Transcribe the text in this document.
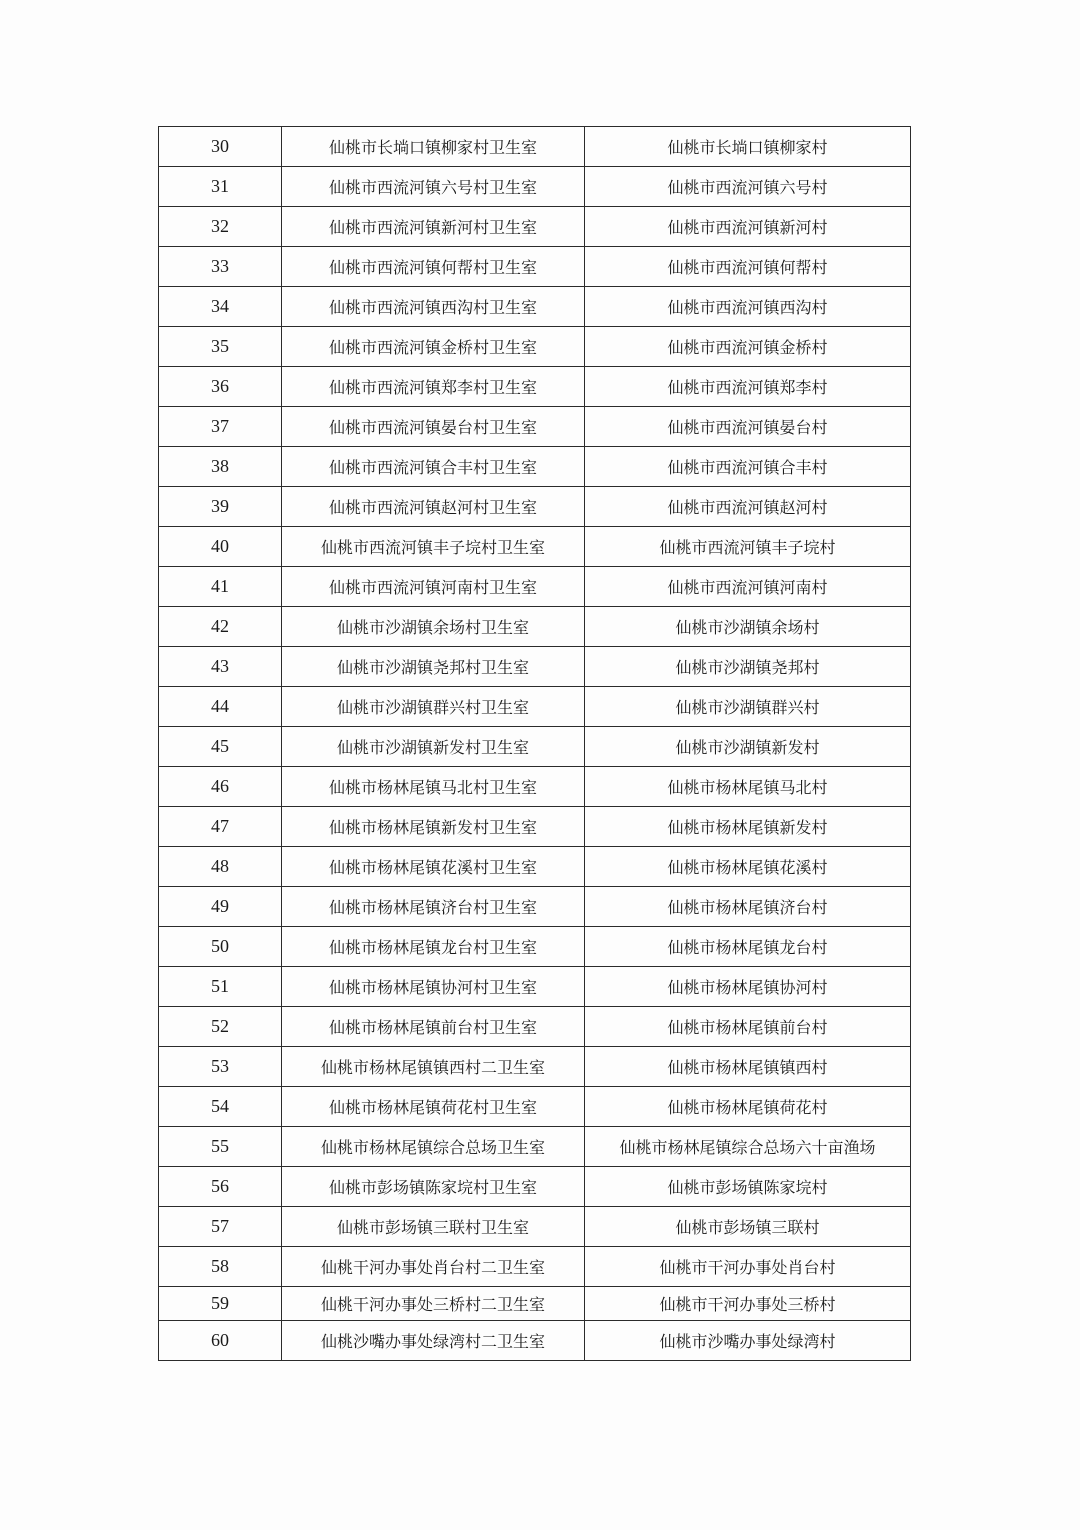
30	仙桃市长埫口镇柳家村卫生室	仙桃市长埫口镇柳家村
31	仙桃市西流河镇六号村卫生室	仙桃市西流河镇六号村
32	仙桃市西流河镇新河村卫生室	仙桃市西流河镇新河村
33	仙桃市西流河镇何帮村卫生室	仙桃市西流河镇何帮村
34	仙桃市西流河镇西沟村卫生室	仙桃市西流河镇西沟村
35	仙桃市西流河镇金桥村卫生室	仙桃市西流河镇金桥村
36	仙桃市西流河镇郑李村卫生室	仙桃市西流河镇郑李村
37	仙桃市西流河镇晏台村卫生室	仙桃市西流河镇晏台村
38	仙桃市西流河镇合丰村卫生室	仙桃市西流河镇合丰村
39	仙桃市西流河镇赵河村卫生室	仙桃市西流河镇赵河村
40	仙桃市西流河镇丰子垸村卫生室	仙桃市西流河镇丰子垸村
41	仙桃市西流河镇河南村卫生室	仙桃市西流河镇河南村
42	仙桃市沙湖镇余场村卫生室	仙桃市沙湖镇余场村
43	仙桃市沙湖镇尧邦村卫生室	仙桃市沙湖镇尧邦村
44	仙桃市沙湖镇群兴村卫生室	仙桃市沙湖镇群兴村
45	仙桃市沙湖镇新发村卫生室	仙桃市沙湖镇新发村
46	仙桃市杨林尾镇马北村卫生室	仙桃市杨林尾镇马北村
47	仙桃市杨林尾镇新发村卫生室	仙桃市杨林尾镇新发村
48	仙桃市杨林尾镇花溪村卫生室	仙桃市杨林尾镇花溪村
49	仙桃市杨林尾镇济台村卫生室	仙桃市杨林尾镇济台村
50	仙桃市杨林尾镇龙台村卫生室	仙桃市杨林尾镇龙台村
51	仙桃市杨林尾镇协河村卫生室	仙桃市杨林尾镇协河村
52	仙桃市杨林尾镇前台村卫生室	仙桃市杨林尾镇前台村
53	仙桃市杨林尾镇镇西村二卫生室	仙桃市杨林尾镇镇西村
54	仙桃市杨林尾镇荷花村卫生室	仙桃市杨林尾镇荷花村
55	仙桃市杨林尾镇综合总场卫生室	仙桃市杨林尾镇综合总场六十亩渔场
56	仙桃市彭场镇陈家垸村卫生室	仙桃市彭场镇陈家垸村
57	仙桃市彭场镇三联村卫生室	仙桃市彭场镇三联村
58	仙桃干河办事处肖台村二卫生室	仙桃市干河办事处肖台村
59	仙桃干河办事处三桥村二卫生室	仙桃市干河办事处三桥村
60	仙桃沙嘴办事处绿湾村二卫生室	仙桃市沙嘴办事处绿湾村
